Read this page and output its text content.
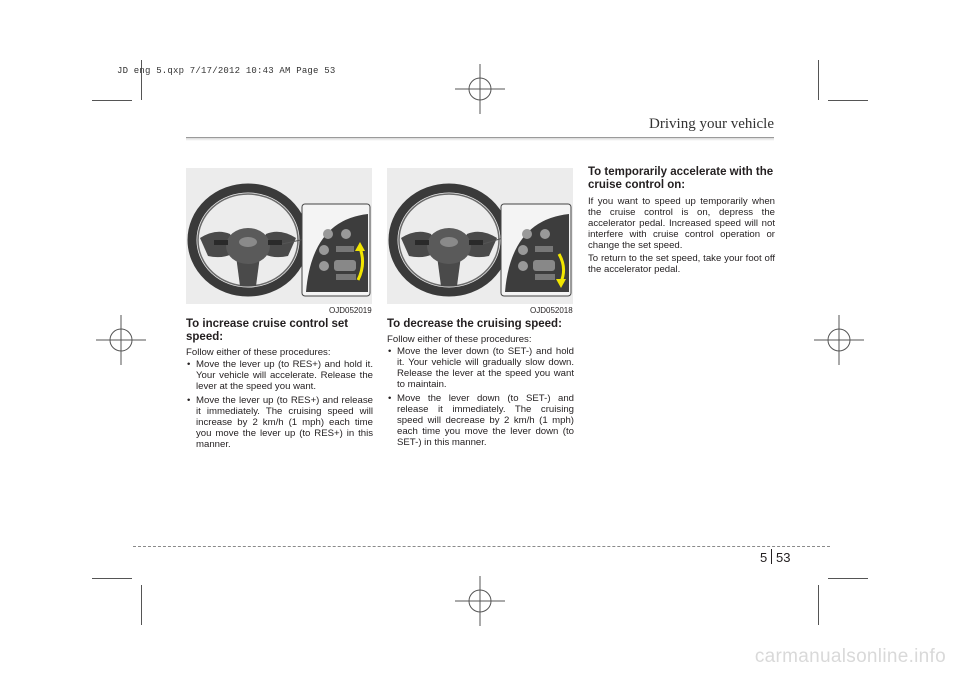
JD eng 5.qxp 7/17/2012 10:43 AM Page 53
Driving your vehicle
OJD052019	OJD052018
To increase cruise control set speed:

Follow either of these procedures:

• Move the lever up (to RES+) and hold it. Your vehicle will accelerate. Release the lever at the speed you want.
• Move the lever up (to RES+) and release it immediately. The cruising speed will increase by 2 km/h (1 mph) each time you move the lever up (to RES+) in this manner.
To decrease the cruising speed:

Follow either of these procedures:

• Move the lever down (to SET-) and hold it. Your vehicle will gradually slow down. Release the lever at the speed you want to maintain.
• Move the lever down (to SET-) and release it immediately. The cruising speed will decrease by 2 km/h (1 mph) each time you move the lever down (to SET-) in this manner.
To temporarily accelerate with the cruise control on:

If you want to speed up temporarily when the cruise control is on, depress the accelerator pedal. Increased speed will not interfere with cruise control operation or change the set speed.

To return to the set speed, take your foot off the accelerator pedal.

5 53
carmanualsonline.info
